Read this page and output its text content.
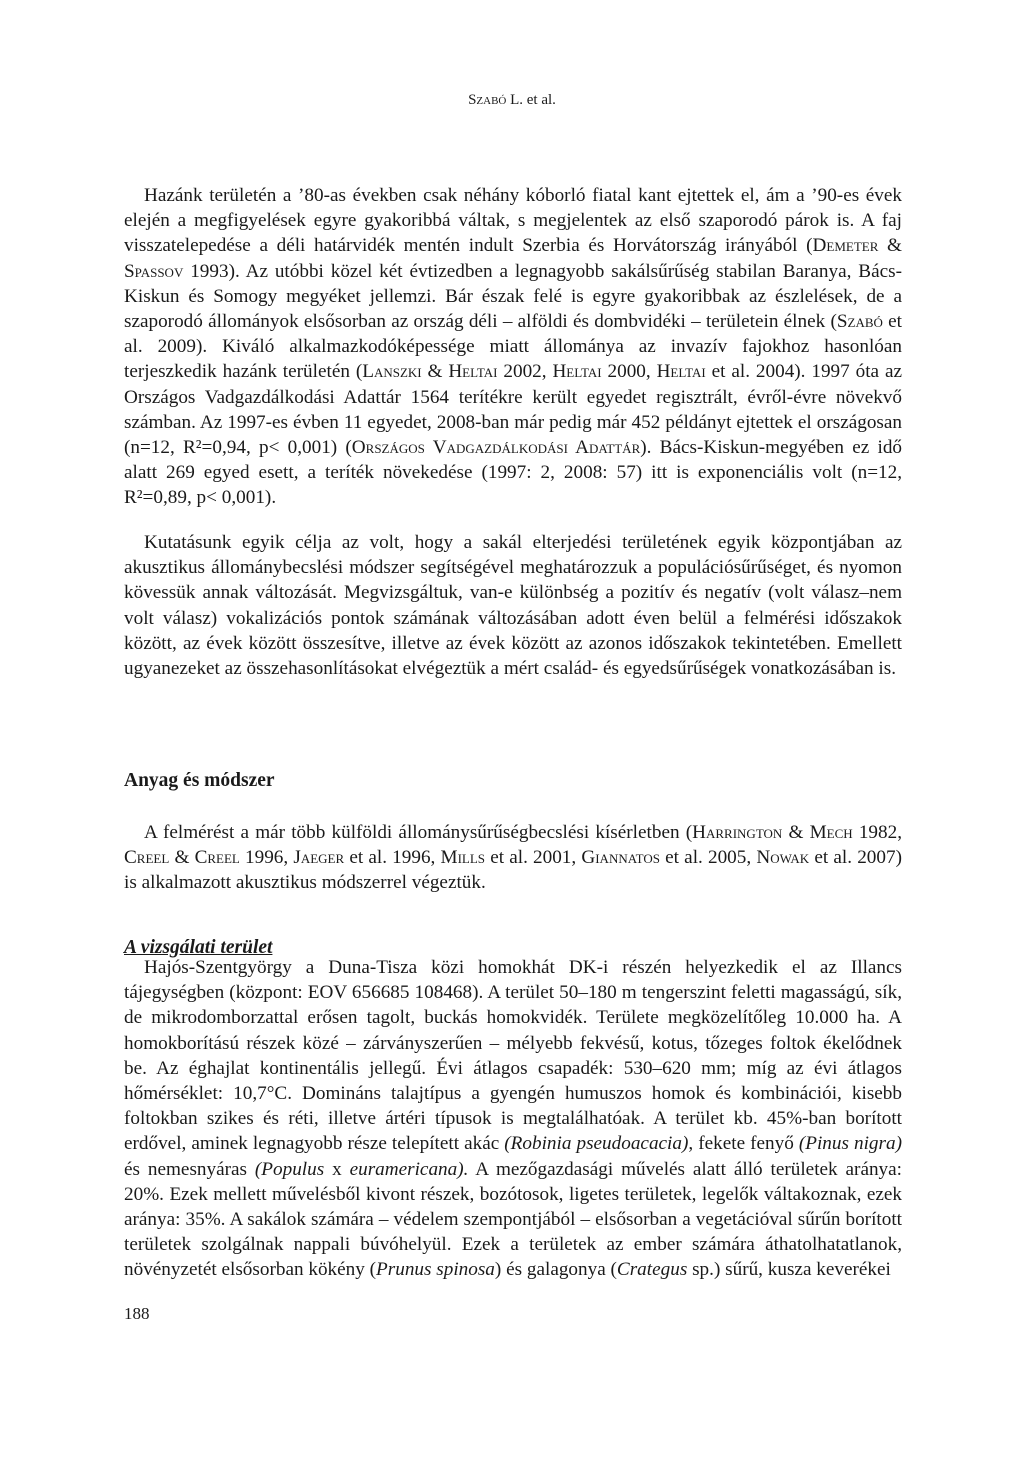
Szabó L. et al.

Hazánk területén a ’80-as években csak néhány kóborló fiatal kant ejtettek el, ám a ’90-es évek elején a megfigyelések egyre gyakoribbá váltak, s megjelentek az első szaporodó párok is. A faj visszatelepedése a déli határvidék mentén indult Szerbia és Horvátország irányából (Demeter & Spassov 1993). Az utóbbi közel két évtizedben a legnagyobb sakálsűrűség stabilan Baranya, Bács-Kiskun és Somogy megyéket jellemzi. Bár észak felé is egyre gyakoribbak az észlelések, de a szaporodó állományok elsősorban az ország déli – alföldi és dombvidéki – területein élnek (Szabó et al. 2009). Kiváló alkalmazkodóképessége miatt állománya az invazív fajokhoz hasonlóan terjeszkedik hazánk területén (Lanszki & Heltai 2002, Heltai 2000, Heltai et al. 2004). 1997 óta az Országos Vadgazdálkodási Adattár 1564 terítékre került egyedet regisztrált, évről-évre növekvő számban. Az 1997-es évben 11 egyedet, 2008-ban már pedig már 452 példányt ejtettek el országosan (n=12, R²=0,94, p< 0,001) (Országos Vadgazdálkodási Adattár). Bács-Kiskun-megyében ez idő alatt 269 egyed esett, a teríték növekedése (1997: 2, 2008: 57) itt is exponenciális volt (n=12, R²=0,89, p< 0,001).

Kutatásunk egyik célja az volt, hogy a sakál elterjedési területének egyik központjában az akusztikus állománybecslési módszer segítségével meghatározzuk a populációsűrűséget, és nyomon kövessük annak változását. Megvizsgáltuk, van-e különbség a pozitív és negatív (volt válasz–nem volt válasz) vokalizációs pontok számának változásában adott éven belül a felmérési időszakok között, az évek között összesítve, illetve az évek között az azonos időszakok tekintetében. Emellett ugyanezeket az összehasonlításokat elvégeztük a mért család- és egyedsűrűségek vonatkozásában is.

Anyag és módszer

A felmérést a már több külföldi állománysűrűségbecslési kísérletben (Harrington & Mech 1982, Creel & Creel 1996, Jaeger et al. 1996, Mills et al. 2001, Giannatos et al. 2005, Nowak et al. 2007) is alkalmazott akusztikus módszerrel végeztük.

A vizsgálati terület

Hajós-Szentgyörgy a Duna-Tisza közi homokhát DK-i részén helyezkedik el az Illancs tájegységben (központ: EOV 656685 108468). A terület 50–180 m tengerszint feletti magasságú, sík, de mikrodomborzattal erősen tagolt, buckás homokvidék. Területe megközelítőleg 10.000 ha. A homokborítású részek közé – zárványszerűen – mélyebb fekvésű, kotus, tőzeges foltok ékelődnek be. Az éghajlat kontinentális jellegű. Évi átlagos csapadék: 530–620 mm; míg az évi átlagos hőmérséklet: 10,7°C. Domináns talajtípus a gyengén humuszos homok és kombinációi, kisebb foltokban szikes és réti, illetve ártéri típusok is megtalálhatóak. A terület kb. 45%-ban borított erdővel, aminek legnagyobb része telepített akác (Robinia pseudoacacia), fekete fenyő (Pinus nigra) és nemesnyáras (Populus x euramericana). A mezőgazdasági művelés alatt álló területek aránya: 20%. Ezek mellett művelésből kivont részek, bozótosok, ligetes területek, legelők váltakoznak, ezek aránya: 35%. A sakálok számára – védelem szempontjából – elsősorban a vegetációval sűrűn borított területek szolgálnak nappali búvóhelyül. Ezek a területek az ember számára áthatolhatatlanok, növényzetét elsősorban kökény (Prunus spinosa) és galagonya (Crategus sp.) sűrű, kusza keverékei

188
